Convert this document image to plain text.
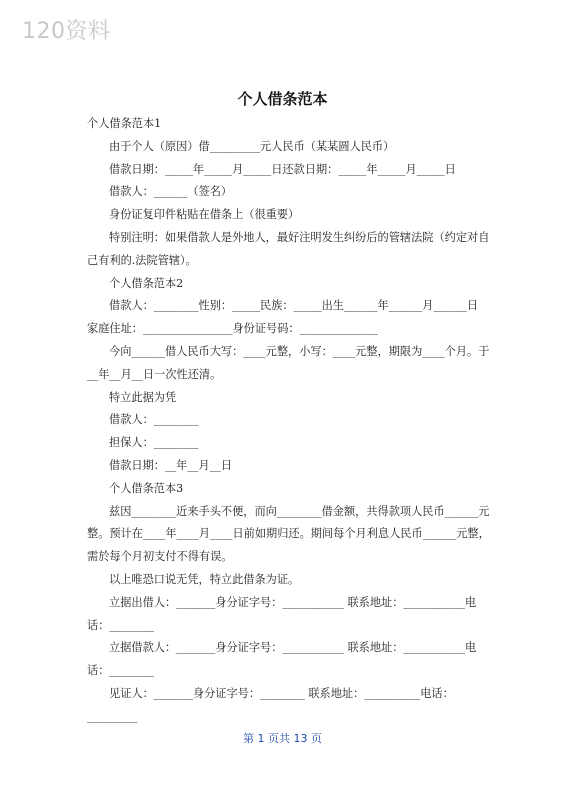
120资料
个人借条范本

个人借条范本1

由于个人（原因）借_________元人民币（某某圆人民币）

借款日期：_____年_____月_____日还款日期：_____年_____月_____日

借款人：______（签名）

身份证复印件粘贴在借条上（很重要）

特别注明：如果借款人是外地人，最好注明发生纠纷后的管辖法院（约定对自己有利的.法院管辖）。

个人借条范本2

借款人：________性别：_____民族：_____出生______年______月______日

家庭住址：________________身份证号码：______________

今向______借人民币大写：____元整，小写：____元整，期限为____个月。于__年__月__日一次性还清。

特立此据为凭

借款人：________

担保人：________

借款日期：__年__月__日

个人借条范本3

兹因________近来手头不便，而向________借金额，共得款项人民币______元整。预计在____年____月____日前如期归还。期间每个月利息人民币______元整，需於每个月初支付不得有误。

以上唯恐口说无凭，特立此借条为证。

立据出借人：_______身分证字号：___________ 联系地址：___________电话：________

立据借款人：_______身分证字号：___________ 联系地址：___________电话：________

见证人：_______身分证字号：________ 联系地址：__________电话：_________

第 1 页共 13 页
